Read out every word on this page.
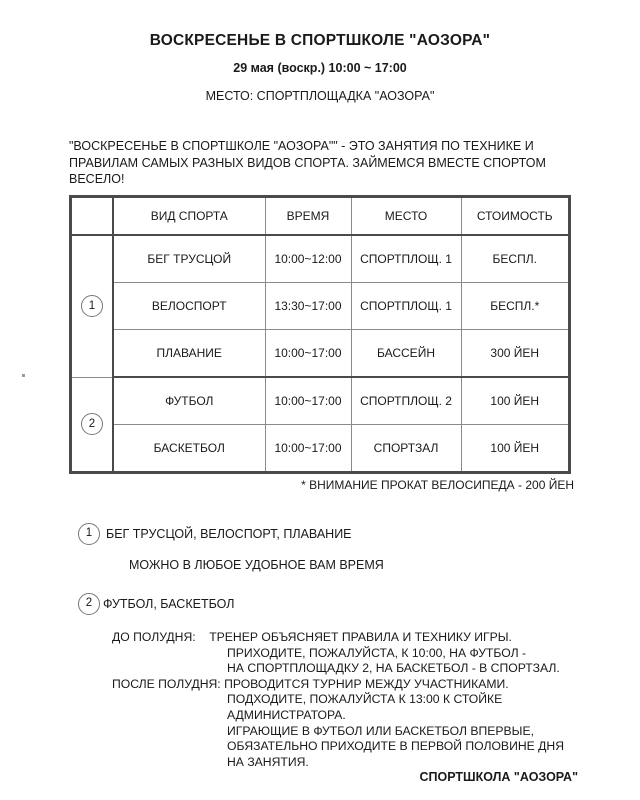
ВОСКРЕСЕНЬЕ В СПОРТШКОЛЕ "АОЗОРА"
29 мая (воскр.) 10:00 ~ 17:00
МЕСТО: СПОРТПЛОЩАДКА "АОЗОРА"
"ВОСКРЕСЕНЬЕ В СПОРТШКОЛЕ "АОЗОРА"" - ЭТО ЗАНЯТИЯ ПО ТЕХНИКЕ И ПРАВИЛАМ САМЫХ РАЗНЫХ ВИДОВ СПОРТА. ЗАЙМЕМСЯ ВМЕСТЕ СПОРТОМ ВЕСЕЛО!
	ВИД СПОРТА	ВРЕМЯ	МЕСТО	СТОИМОСТЬ
1	БЕГ ТРУСЦОЙ	10:00~12:00	СПОРТПЛОЩ. 1	БЕСПЛ.
	ВЕЛОСПОРТ	13:30~17:00	СПОРТПЛОЩ. 1	БЕСПЛ.*
	ПЛАВАНИЕ	10:00~17:00	БАССЕЙН	300 ЙЕН
2	ФУТБОЛ	10:00~17:00	СПОРТПЛОЩ. 2	100 ЙЕН
	БАСКЕТБОЛ	10:00~17:00	СПОРТЗАЛ	100 ЙЕН
* ВНИМАНИЕ ПРОКАТ ВЕЛОСИПЕДА - 200 ЙЕН
1	БЕГ ТРУСЦОЙ, ВЕЛОСПОРТ, ПЛАВАНИЕ
МОЖНО В ЛЮБОЕ УДОБНОЕ ВАМ ВРЕМЯ
2 ФУТБОЛ, БАСКЕТБОЛ
ДО ПОЛУДНЯ: ТРЕНЕР ОБЪЯСНЯЕТ ПРАВИЛА И ТЕХНИКУ ИГРЫ.
ПРИХОДИТЕ, ПОЖАЛУЙСТА, К 10:00, НА ФУТБОЛ -
НА СПОРТПЛОЩАДКУ 2, НА БАСКЕТБОЛ - В СПОРТЗАЛ.
ПОСЛЕ ПОЛУДНЯ: ПРОВОДИТСЯ ТУРНИР МЕЖДУ УЧАСТНИКАМИ.
ПОДХОДИТЕ, ПОЖАЛУЙСТА К 13:00 К СТОЙКЕ
АДМИНИСТРАТОРА.
ИГРАЮЩИЕ В ФУТБОЛ ИЛИ БАСКЕТБОЛ ВПЕРВЫЕ,
ОБЯЗАТЕЛЬНО ПРИХОДИТЕ В ПЕРВОЙ ПОЛОВИНЕ ДНЯ
НА ЗАНЯТИЯ.
СПОРТШКОЛА "АОЗОРА"
